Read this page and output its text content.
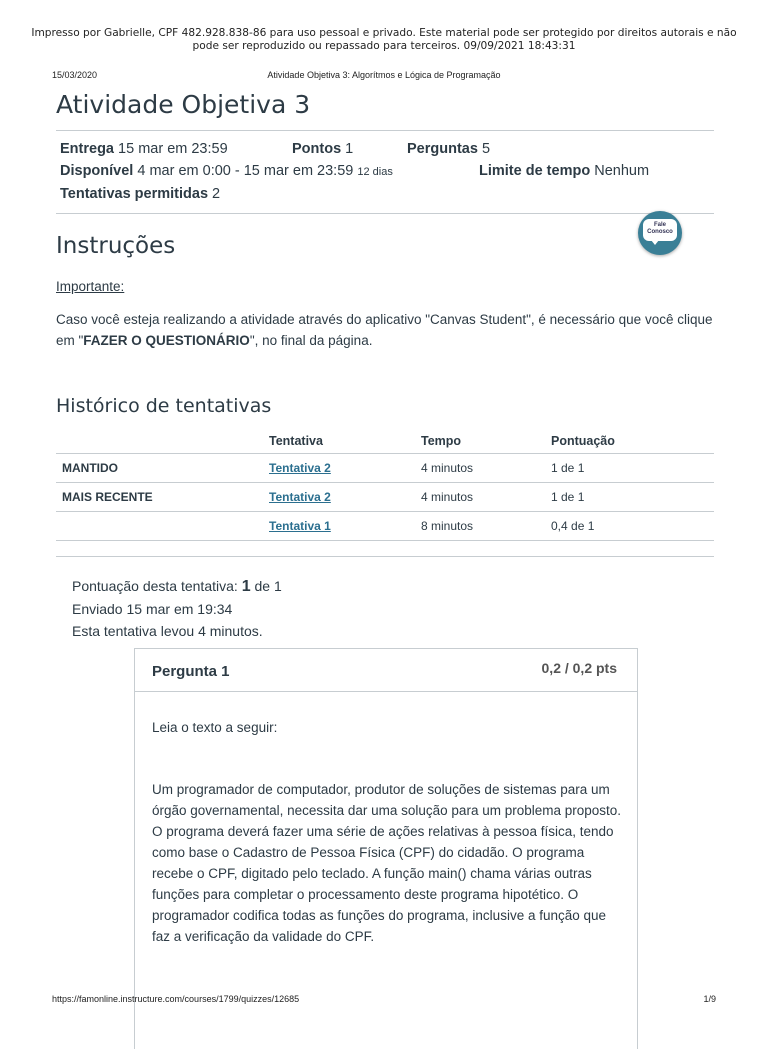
Impresso por Gabrielle, CPF 482.928.838-86 para uso pessoal e privado. Este material pode ser protegido por direitos autorais e não
pode ser reproduzido ou repassado para terceiros. 09/09/2021 18:43:31
15/03/2020	Atividade Objetiva 3: Algorítmos e Lógica de Programação
Atividade Objetiva 3
Entrega 15 mar em 23:59	Pontos 1	Perguntas 5
Disponível 4 mar em 0:00 - 15 mar em 23:59 12 dias	Limite de tempo Nenhum
Tentativas permitidas 2
Instruções
Fale
Conosco
Importante:
Caso você esteja realizando a atividade através do aplicativo "Canvas Student", é necessário que você clique em "FAZER O QUESTIONÁRIO", no final da página.
Histórico de tentativas
	Tentativa	Tempo	Pontuação
MANTIDO	Tentativa 2	4 minutos	1 de 1
MAIS RECENTE	Tentativa 2	4 minutos	1 de 1
	Tentativa 1	8 minutos	0,4 de 1
Pontuação desta tentativa: 1 de 1
Enviado 15 mar em 19:34
Esta tentativa levou 4 minutos.
Pergunta 1	0,2 / 0,2 pts
Leia o texto a seguir:
Um programador de computador, produtor de soluções de sistemas para um órgão governamental, necessita dar uma solução para um problema proposto. O programa deverá fazer uma série de ações relativas à pessoa física, tendo como base o Cadastro de Pessoa Física (CPF) do cidadão. O programa recebe o CPF, digitado pelo teclado. A função main() chama várias outras funções para completar o processamento deste programa hipotético. O programador codifica todas as funções do programa, inclusive a função que faz a verificação da validade do CPF.
https://famonline.instructure.com/courses/1799/quizzes/12685	1/9
